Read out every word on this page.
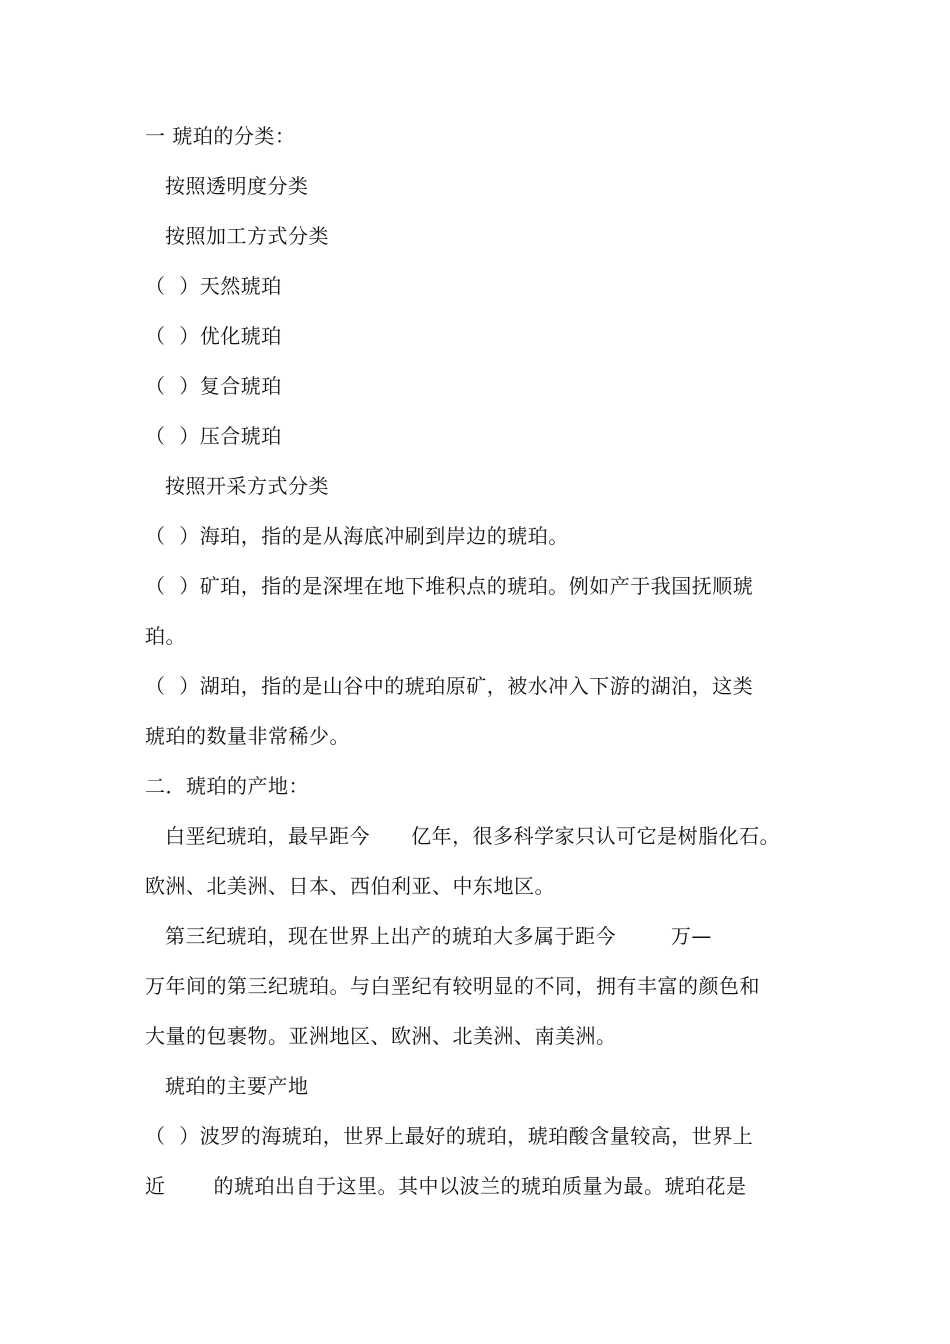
一 琥珀的分类：
按照透明度分类
按照加工方式分类
（  ）天然琥珀
（  ）优化琥珀
（  ）复合琥珀
（  ）压合琥珀
按照开采方式分类
（  ）海珀，指的是从海底冲刷到岸边的琥珀。
（  ）矿珀，指的是深埋在地下堆积点的琥珀。例如产于我国抚顺琥
珀。
（  ）湖珀，指的是山谷中的琥珀原矿，被水冲入下游的湖泊，这类
琥珀的数量非常稀少。
二．琥珀的产地：
白垩纪琥珀，最早距今      亿年，很多科学家只认可它是树脂化石。
欧洲、北美洲、日本、西伯利亚、中东地区。
第三纪琥珀，现在世界上出产的琥珀大多属于距今        万—
万年间的第三纪琥珀。与白垩纪有较明显的不同，拥有丰富的颜色和
大量的包裹物。亚洲地区、欧洲、北美洲、南美洲。
琥珀的主要产地
（  ）波罗的海琥珀，世界上最好的琥珀，琥珀酸含量较高，世界上
近       的琥珀出自于这里。其中以波兰的琥珀质量为最。琥珀花是
